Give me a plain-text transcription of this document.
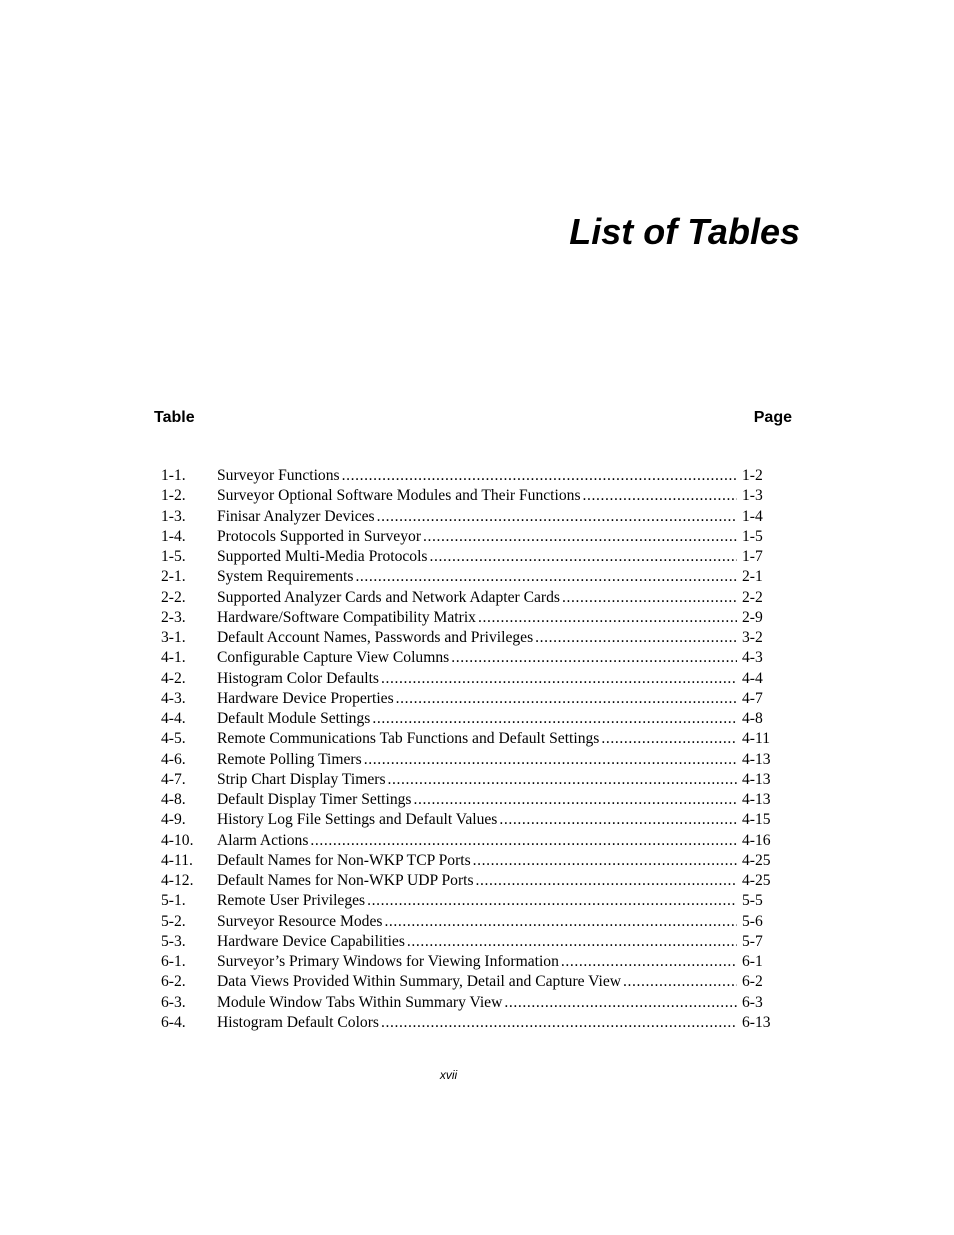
List of Tables
Table	Page
1-1.	Surveyor Functions .....	1-2
1-2.	Surveyor Optional Software Modules and Their Functions .....	1-3
1-3.	Finisar Analyzer Devices .....	1-4
1-4.	Protocols Supported in Surveyor .....	1-5
1-5.	Supported Multi-Media Protocols .....	1-7
2-1.	System Requirements .....	2-1
2-2.	Supported Analyzer Cards and Network Adapter Cards .....	2-2
2-3.	Hardware/Software Compatibility Matrix .....	2-9
3-1.	Default Account Names, Passwords and Privileges .....	3-2
4-1.	Configurable Capture View Columns .....	4-3
4-2.	Histogram Color Defaults .....	4-4
4-3.	Hardware Device Properties .....	4-7
4-4.	Default Module Settings .....	4-8
4-5.	Remote Communications Tab Functions and Default Settings .....	4-11
4-6.	Remote Polling Timers .....	4-13
4-7.	Strip Chart Display Timers .....	4-13
4-8.	Default Display Timer Settings .....	4-13
4-9.	History Log File Settings and Default Values .....	4-15
4-10.	Alarm Actions .....	4-16
4-11.	Default Names for Non-WKP TCP Ports .....	4-25
4-12.	Default Names for Non-WKP UDP Ports .....	4-25
5-1.	Remote User Privileges .....	5-5
5-2.	Surveyor Resource Modes .....	5-6
5-3.	Hardware Device Capabilities .....	5-7
6-1.	Surveyor’s Primary Windows for Viewing Information .....	6-1
6-2.	Data Views Provided Within Summary, Detail and Capture View .....	6-2
6-3.	Module Window Tabs Within Summary View .....	6-3
6-4.	Histogram Default Colors .....	6-13
xvii
